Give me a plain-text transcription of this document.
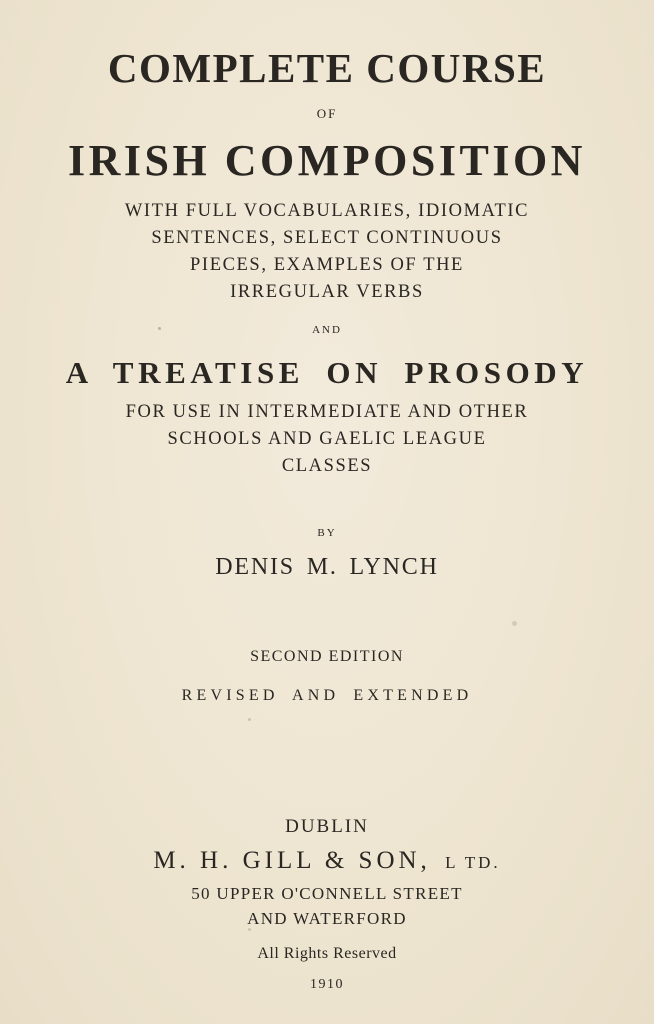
COMPLETE COURSE
OF
IRISH COMPOSITION
WITH FULL VOCABULARIES, IDIOMATIC
SENTENCES, SELECT CONTINUOUS
PIECES, EXAMPLES OF THE
IRREGULAR VERBS
AND
A TREATISE ON PROSODY
FOR USE IN INTERMEDIATE AND OTHER
SCHOOLS AND GAELIC LEAGUE
CLASSES
BY
DENIS M. LYNCH
SECOND EDITION
REVISED AND EXTENDED
DUBLIN
M. H. GILL & SON, L TD.
50 UPPER O'CONNELL STREET
AND WATERFORD
All Rights Reserved
1910
